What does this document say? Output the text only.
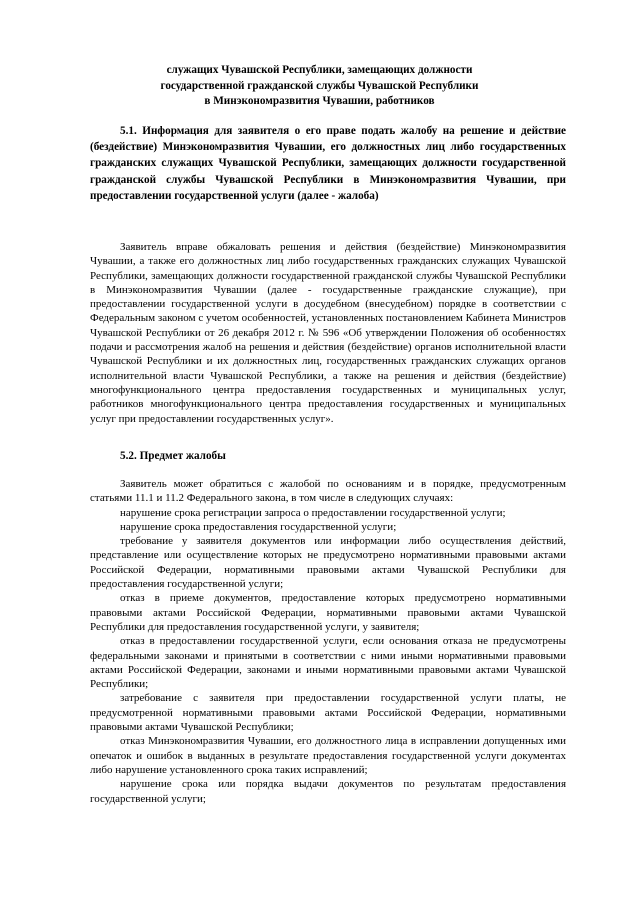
служащих Чувашской Республики, замещающих должности
государственной гражданской службы Чувашской Республики
в Минэкономразвития Чувашии, работников

5.1. Информация для заявителя о его праве подать жалобу на решение и действие (бездействие) Минэкономразвития Чувашии, его должностных лиц либо государственных гражданских служащих Чувашской Республики, замещающих должности государственной гражданской службы Чувашской Республики в Минэкономразвития Чувашии, при предоставлении государственной услуги (далее - жалоба)

Заявитель вправе обжаловать решения и действия (бездействие) Минэкономразвития Чувашии, а также его должностных лиц либо государственных гражданских служащих Чувашской Республики, замещающих должности государственной гражданской службы Чувашской Республики в Минэкономразвития Чувашии (далее - государственные гражданские служащие), при предоставлении государственной услуги в досудебном (внесудебном) порядке в соответствии с Федеральным законом с учетом особенностей, установленных постановлением Кабинета Министров Чувашской Республики от 26 декабря 2012 г. № 596 «Об утверждении Положения об особенностях подачи и рассмотрения жалоб на решения и действия (бездействие) органов исполнительной власти Чувашской Республики и их должностных лиц, государственных гражданских служащих органов исполнительной власти Чувашской Республики, а также на решения и действия (бездействие) многофункционального центра предоставления государственных и муниципальных услуг, работников многофункционального центра предоставления государственных и муниципальных услуг при предоставлении государственных услуг».

5.2. Предмет жалобы

Заявитель может обратиться с жалобой по основаниям и в порядке, предусмотренным статьями 11.1 и 11.2 Федерального закона, в том числе в следующих случаях:

нарушение срока регистрации запроса о предоставлении государственной услуги;

нарушение срока предоставления государственной услуги;

требование у заявителя документов или информации либо осуществления действий, представление или осуществление которых не предусмотрено нормативными правовыми актами Российской Федерации, нормативными правовыми актами Чувашской Республики для предоставления государственной услуги;

отказ в приеме документов, предоставление которых предусмотрено нормативными правовыми актами Российской Федерации, нормативными правовыми актами Чувашской Республики для предоставления государственной услуги, у заявителя;

отказ в предоставлении государственной услуги, если основания отказа не предусмотрены федеральными законами и принятыми в соответствии с ними иными нормативными правовыми актами Российской Федерации, законами и иными нормативными правовыми актами Чувашской Республики;

затребование с заявителя при предоставлении государственной услуги платы, не предусмотренной нормативными правовыми актами Российской Федерации, нормативными правовыми актами Чувашской Республики;

отказ Минэкономразвития Чувашии, его должностного лица в исправлении допущенных ими опечаток и ошибок в выданных в результате предоставления государственной услуги документах либо нарушение установленного срока таких исправлений;

нарушение срока или порядка выдачи документов по результатам предоставления государственной услуги;
